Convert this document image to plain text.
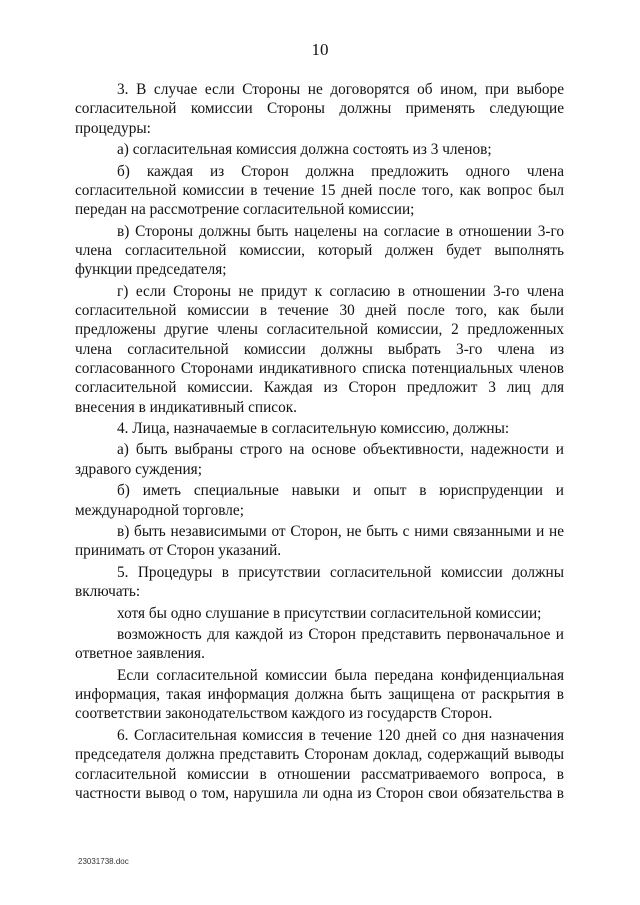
10

3. В случае если Стороны не договорятся об ином, при выборе согласительной комиссии Стороны должны применять следующие процедуры:

а) согласительная комиссия должна состоять из 3 членов;

б) каждая из Сторон должна предложить одного члена согласительной комиссии в течение 15 дней после того, как вопрос был передан на рассмотрение согласительной комиссии;

в) Стороны должны быть нацелены на согласие в отношении 3-го члена согласительной комиссии, который должен будет выполнять функции председателя;

г) если Стороны не придут к согласию в отношении 3-го члена согласительной комиссии в течение 30 дней после того, как были предложены другие члены согласительной комиссии, 2 предложенных члена согласительной комиссии должны выбрать 3-го члена из согласованного Сторонами индикативного списка потенциальных членов согласительной комиссии. Каждая из Сторон предложит 3 лиц для внесения в индикативный список.

4. Лица, назначаемые в согласительную комиссию, должны:

а) быть выбраны строго на основе объективности, надежности и здравого суждения;

б) иметь специальные навыки и опыт в юриспруденции и международной торговле;

в) быть независимыми от Сторон, не быть с ними связанными и не принимать от Сторон указаний.

5. Процедуры в присутствии согласительной комиссии должны включать:

хотя бы одно слушание в присутствии согласительной комиссии;

возможность для каждой из Сторон представить первоначальное и ответное заявления.

Если согласительной комиссии была передана конфиденциальная информация, такая информация должна быть защищена от раскрытия в соответствии законодательством каждого из государств Сторон.

6. Согласительная комиссия в течение 120 дней со дня назначения председателя должна представить Сторонам доклад, содержащий выводы согласительной комиссии в отношении рассматриваемого вопроса, в частности вывод о том, нарушила ли одна из Сторон свои обязательства в

23031738.doc
